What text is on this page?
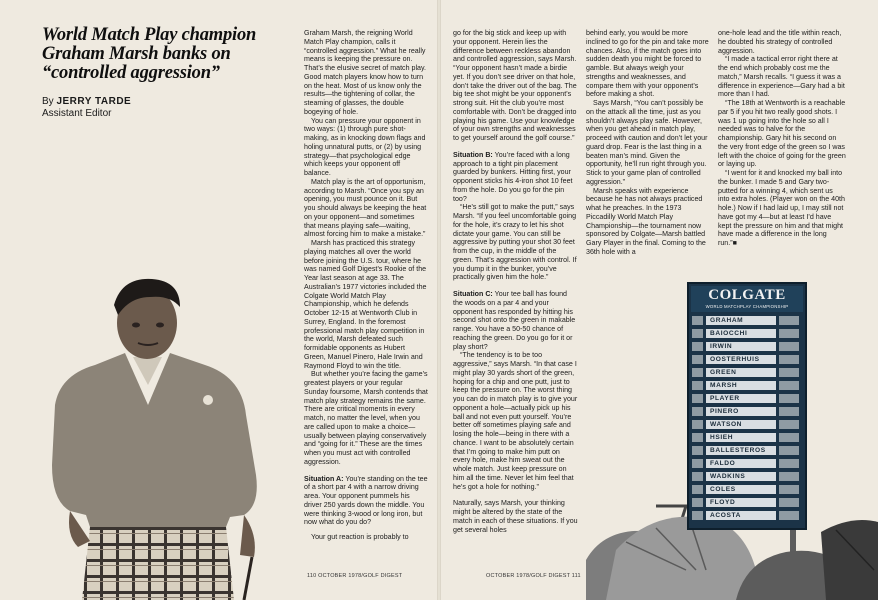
World Match Play champion
Graham Marsh banks on
“controlled aggression”
By JERRY TARDE
Assistant Editor
COLGATE
WORLD MATCHPLAY CHAMPIONSHIP
GRAHAM
BAIOCCHI
IRWIN
OOSTERHUIS
GREEN
MARSH
PLAYER
PINERO
WATSON
HSIEH
BALLESTEROS
FALDO
WADKINS
COLES
FLOYD
ACOSTA

Graham Marsh, the reigning World Match Play champion, calls it “controlled aggression.” What he really means is keeping the pressure on. That’s the elusive secret of match play. Good match players know how to turn on the heat. Most of us know only the results—the tightening of collar, the steaming of glasses, the double bogeying of hole.

You can pressure your opponent in two ways: (1) through pure shot-making, as in knocking down flags and holing unnatural putts, or (2) by using strategy—that psychological edge which keeps your opponent off balance.

Match play is the art of opportunism, according to Marsh. “Once you spy an opening, you must pounce on it. But you should always be keeping the heat on your opponent—and sometimes that means playing safe—waiting, almost forcing him to make a mistake.”

Marsh has practiced this strategy playing matches all over the world before joining the U.S. tour, where he was named Golf Digest’s Rookie of the Year last season at age 33. The Australian’s 1977 victories included the Colgate World Match Play Championship, which he defends October 12-15 at Wentworth Club in Surrey, England. In the foremost professional match play competition in the world, Marsh defeated such formidable opponents as Hubert Green, Manuel Pinero, Hale Irwin and Raymond Floyd to win the title.

But whether you’re facing the game’s greatest players or your regular Sunday foursome, Marsh contends that match play strategy remains the same. There are critical moments in every match, no matter the level, when you are called upon to make a choice—usually between playing conservatively and “going for it.” These are the times when you must act with controlled aggression.

Situation A: You’re standing on the tee of a short par 4 with a narrow driving area. Your opponent pummels his driver 250 yards down the middle. You were thinking 3-wood or long iron, but now what do you do?

Your gut reaction is probably to

go for the big stick and keep up with your opponent. Herein lies the difference between reckless abandon and controlled aggression, says Marsh. “Your opponent hasn’t made a birdie yet. If you don’t see driver on that hole, don’t take the driver out of the bag. The big tee shot might be your opponent’s strong suit. Hit the club you’re most comfortable with. Don’t be dragged into playing his game. Use your knowledge of your own strengths and weaknesses to get yourself around the golf course.”

Situation B: You’re faced with a long approach to a tight pin placement guarded by bunkers. Hitting first, your opponent sticks his 4-iron shot 10 feet from the hole. Do you go for the pin too?

“He’s still got to make the putt,” says Marsh. “If you feel uncomfortable going for the hole, it’s crazy to let his shot dictate your game. You can still be aggressive by putting your shot 30 feet from the cup, in the middle of the green. That’s aggression with control. If you dump it in the bunker, you’ve practically given him the hole.”

Situation C: Your tee ball has found the woods on a par 4 and your opponent has responded by hitting his second shot onto the green in makable range. You have a 50-50 chance of reaching the green. Do you go for it or play short?

“The tendency is to be too aggressive,” says Marsh. “In that case I might play 30 yards short of the green, hoping for a chip and one putt, just to keep the pressure on. The worst thing you can do in match play is to give your opponent a hole—actually pick up his ball and not even putt yourself. You’re better off sometimes playing safe and losing the hole—being in there with a chance. I want to be absolutely certain that I’m going to make him putt on every hole, make him sweat out the whole match. Just keep pressure on him all the time. Never let him feel that he’s got a hole for nothing.”

Naturally, says Marsh, your thinking might be altered by the state of the match in each of these situations. If you get several holes

behind early, you would be more inclined to go for the pin and take more chances. Also, if the match goes into sudden death you might be forced to gamble. But always weigh your strengths and weaknesses, and compare them with your opponent’s before making a shot.

Says Marsh, “You can’t possibly be on the attack all the time, just as you shouldn’t always play safe. However, when you get ahead in match play, proceed with caution and don’t let your guard drop. Fear is the last thing in a beaten man’s mind. Given the opportunity, he’ll run right through you. Stick to your game plan of controlled aggression.”

Marsh speaks with experience because he has not always practiced what he preaches. In the 1973 Piccadilly World Match Play Championship—the tournament now sponsored by Colgate—Marsh battled Gary Player in the final. Coming to the 36th hole with a

one-hole lead and the title within reach, he doubted his strategy of controlled aggression.

“I made a tactical error right there at the end which probably cost me the match,” Marsh recalls. “I guess it was a difference in experience—Gary had a bit more than I had.

“The 18th at Wentworth is a reachable par 5 if you hit two really good shots. I was 1 up going into the hole so all I needed was to halve for the championship. Gary hit his second on the very front edge of the green so I was left with the choice of going for the green or laying up.

“I went for it and knocked my ball into the bunker. I made 5 and Gary two-putted for a winning 4, which sent us into extra holes. (Player won on the 40th hole.) Now if I had laid up, I may still not have got my 4—but at least I’d have kept the pressure on him and that might have made a difference in the long run.”■

110 OCTOBER 1978/GOLF DIGEST	OCTOBER 1978/GOLF DIGEST 111
